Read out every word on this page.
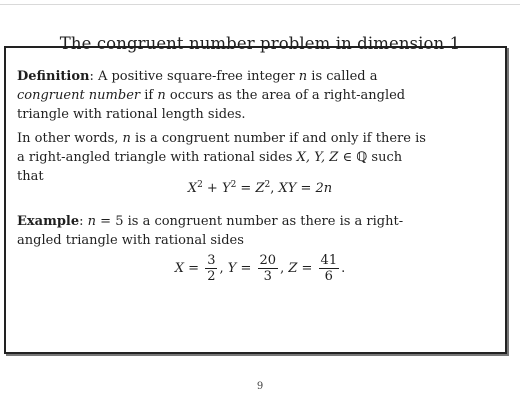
The congruent number problem in dimension 1
Definition: A positive square-free integer n is called a congruent number if n occurs as the area of a right-angled triangle with rational length sides.
In other words, n is a congruent number if and only if there is a right-angled triangle with rational sides X, Y, Z ∈ ℚ such that
$X^2 + Y^2 = Z^2$, XY = 2n
Example: n = 5 is a congruent number as there is a right-angled triangle with rational sides
$X = \frac{3}{2}$ , $Y = \frac{20}{3}$ , $Z = \frac{41}{6}$ .
9
